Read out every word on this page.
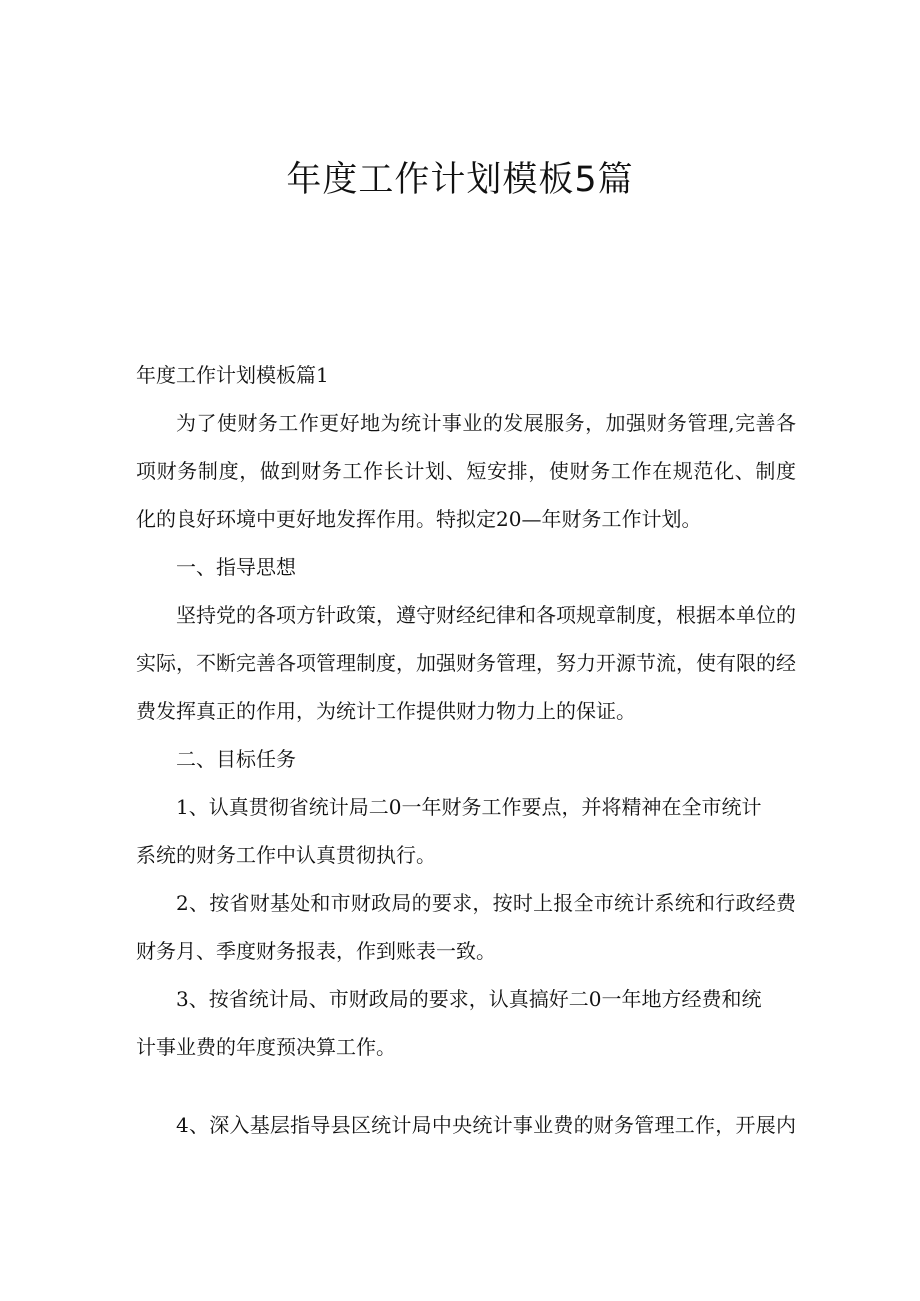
年度工作计划模板5篇
年度工作计划模板篇1
为了使财务工作更好地为统计事业的发展服务，加强财务管理,完善各
项财务制度，做到财务工作长计划、短安排，使财务工作在规范化、制度
化的良好环境中更好地发挥作用。特拟定20—年财务工作计划。
一、指导思想
坚持党的各项方针政策，遵守财经纪律和各项规章制度，根据本单位的
实际，不断完善各项管理制度，加强财务管理，努力开源节流，使有限的经
费发挥真正的作用，为统计工作提供财力物力上的保证。
二、目标任务
1、认真贯彻省统计局二0一年财务工作要点，并将精神在全市统计
系统的财务工作中认真贯彻执行。
2、按省财基处和市财政局的要求，按时上报全市统计系统和行政经费
财务月、季度财务报表，作到账表一致。
3、按省统计局、市财政局的要求，认真搞好二0一年地方经费和统
计事业费的年度预决算工作。
4、深入基层指导县区统计局中央统计事业费的财务管理工作，开展内
